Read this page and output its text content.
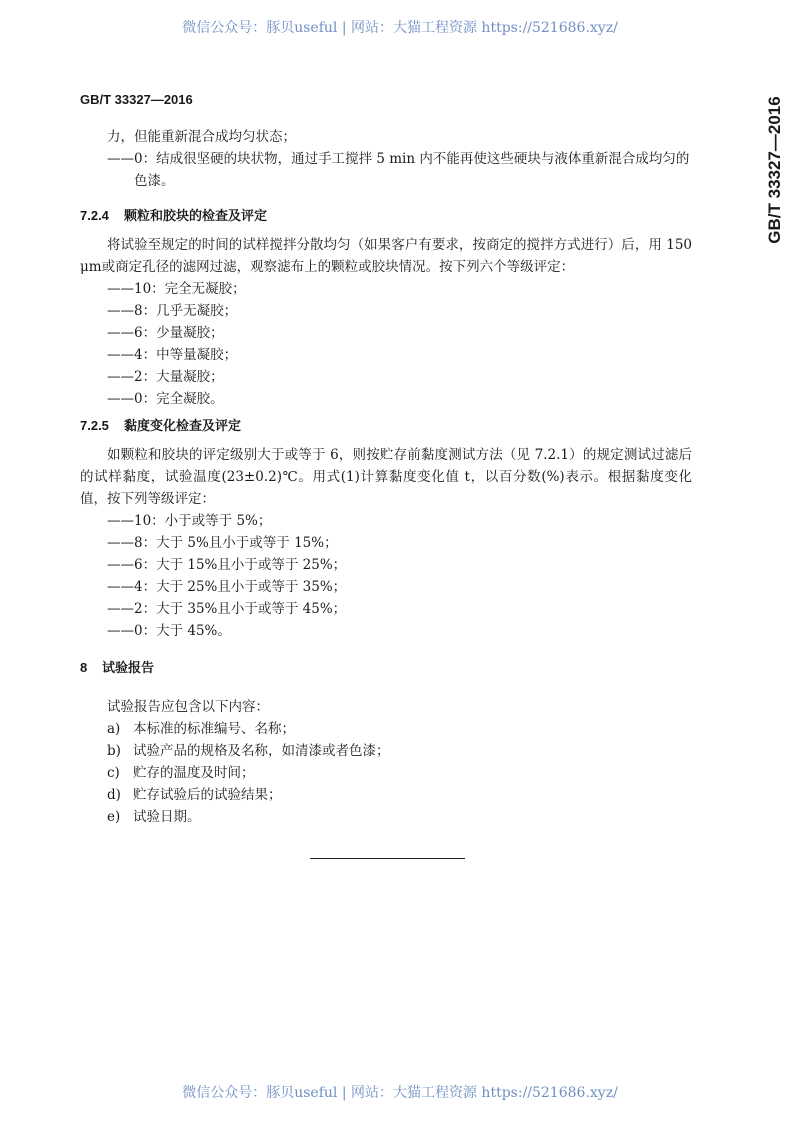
微信公众号：豚贝useful | 网站：大猫工程资源 https://521686.xyz/
GB/T 33327—2016	GB/T 33327—2016
力，但能重新混合成均匀状态；
——0：结成很坚硬的块状物，通过手工搅拌 5 min 内不能再使这些硬块与液体重新混合成均匀的
色漆。
7.2.4 颗粒和胶块的检查及评定
将试验至规定的时间的试样搅拌分散均匀（如果客户有要求，按商定的搅拌方式进行）后，用 150 μm或商定孔径的滤网过滤，观察滤布上的颗粒或胶块情况。按下列六个等级评定：
——10：完全无凝胶；
——8：几乎无凝胶；
——6：少量凝胶；
——4：中等量凝胶；
——2：大量凝胶；
——0：完全凝胶。
7.2.5 黏度变化检查及评定
如颗粒和胶块的评定级别大于或等于 6，则按贮存前黏度测试方法（见 7.2.1）的规定测试过滤后的试样黏度，试验温度(23±0.2)℃。用式(1)计算黏度变化值 t，以百分数(%)表示。根据黏度变化值，按下列等级评定：
——10：小于或等于 5%；
——8：大于 5%且小于或等于 15%；
——6：大于 15%且小于或等于 25%；
——4：大于 25%且小于或等于 35%；
——2：大于 35%且小于或等于 45%；
——0：大于 45%。
8 试验报告
试验报告应包含以下内容：
a) 本标准的标准编号、名称；
b) 试验产品的规格及名称，如清漆或者色漆；
c) 贮存的温度及时间；
d) 贮存试验后的试验结果；
e) 试验日期。
微信公众号：豚贝useful | 网站：大猫工程资源 https://521686.xyz/
